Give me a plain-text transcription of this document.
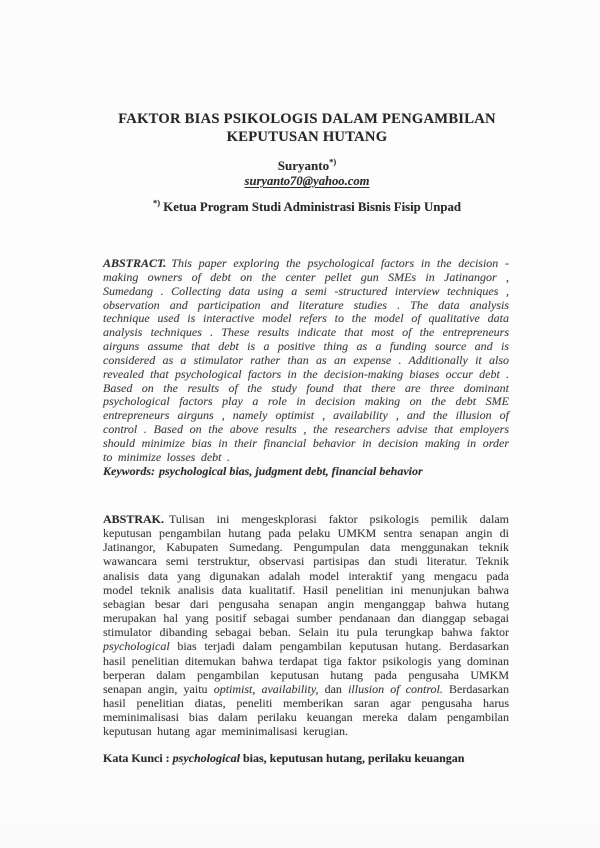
FAKTOR BIAS PSIKOLOGIS DALAM PENGAMBILAN
KEPUTUSAN HUTANG
Suryanto*)
suryanto70@yahoo.com
*) Ketua Program Studi Administrasi Bisnis Fisip Unpad

ABSTRACT. This paper exploring the psychological factors in the decision - making owners of debt on the center pellet gun SMEs in Jatinangor , Sumedang . Collecting data using a semi -structured interview techniques , observation and participation and literature studies . The data analysis technique used is interactive model refers to the model of qualitative data analysis techniques . These results indicate that most of the entrepreneurs airguns assume that debt is a positive thing as a funding source and is considered as a stimulator rather than as an expense . Additionally it also revealed that psychological factors in the decision-making biases occur debt . Based on the results of the study found that there are three dominant psychological factors play a role in decision making on the debt SME entrepreneurs airguns , namely optimist , availability , and the illusion of control . Based on the above results , the researchers advise that employers should minimize bias in their financial behavior in decision making in order to minimize losses debt .

Keywords: psychological bias, judgment debt, financial behavior

ABSTRAK. Tulisan ini mengeskplorasi faktor psikologis pemilik dalam keputusan pengambilan hutang pada pelaku UMKM sentra senapan angin di Jatinangor, Kabupaten Sumedang. Pengumpulan data menggunakan teknik wawancara semi terstruktur, observasi partisipas dan studi literatur. Teknik analisis data yang digunakan adalah model interaktif yang mengacu pada model teknik analisis data kualitatif. Hasil penelitian ini menunjukan bahwa sebagian besar dari pengusaha senapan angin menganggap bahwa hutang merupakan hal yang positif sebagai sumber pendanaan dan dianggap sebagai stimulator dibanding sebagai beban. Selain itu pula terungkap bahwa faktor psychological bias terjadi dalam pengambilan keputusan hutang. Berdasarkan hasil penelitian ditemukan bahwa terdapat tiga faktor psikologis yang dominan berperan dalam pengambilan keputusan hutang pada pengusaha UMKM senapan angin, yaitu optimist, availability, dan illusion of control. Berdasarkan hasil penelitian diatas, peneliti memberikan saran agar pengusaha harus meminimalisasi bias dalam perilaku keuangan mereka dalam pengambilan keputusan hutang agar meminimalisasi kerugian.

Kata Kunci : psychological bias, keputusan hutang, perilaku keuangan
